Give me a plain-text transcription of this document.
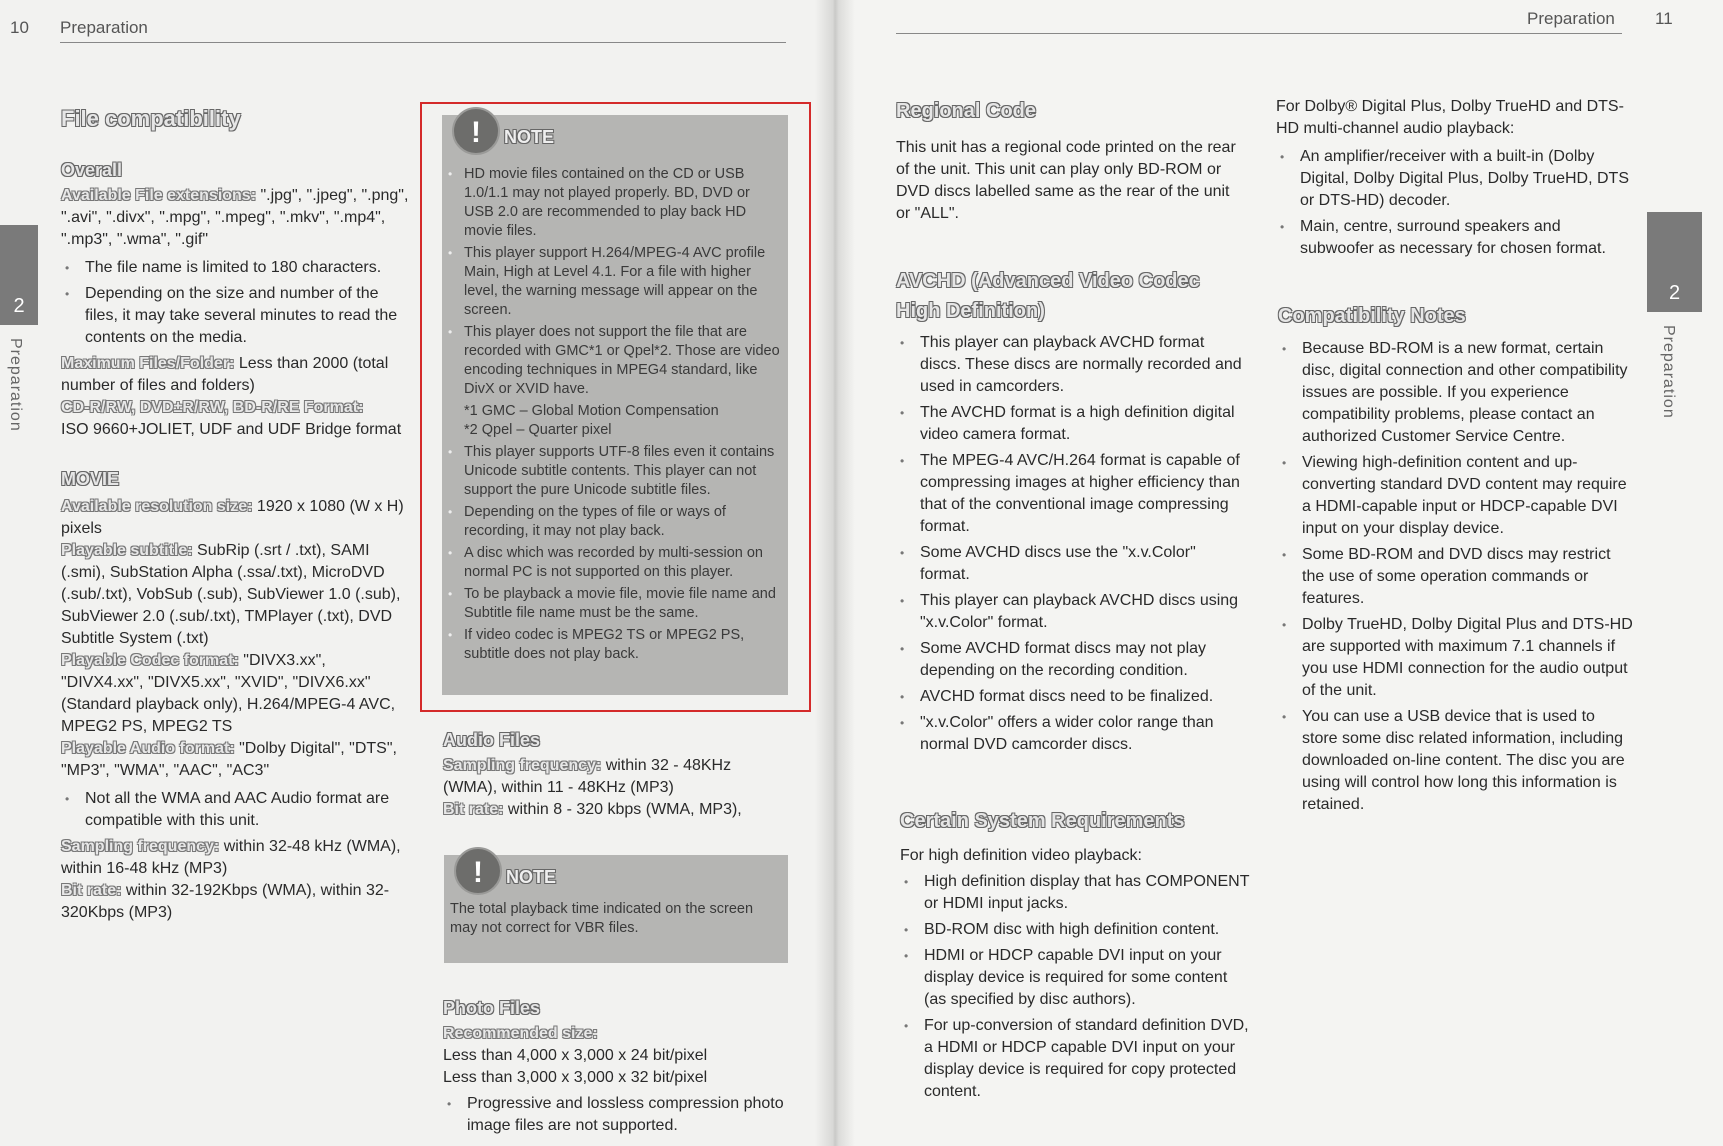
10 Preparation
2
Preparation
File compatibility
Overall
Available File extensions: ".jpg", ".jpeg", ".png", ".avi", ".divx", ".mpg", ".mpeg", ".mkv", ".mp4", ".mp3", ".wma", ".gif"
• The file name is limited to 180 characters.
• Depending on the size and number of the files, it may take several minutes to read the contents on the media.
Maximum Files/Folder: Less than 2000 (total number of files and folders)
CD-R/RW, DVD±R/RW, BD-R/RE Format:
ISO 9660+JOLIET, UDF and UDF Bridge format
MOVIE
Available resolution size: 1920 x 1080 (W x H) pixels
Playable subtitle: SubRip (.srt / .txt), SAMI (.smi), SubStation Alpha (.ssa/.txt), MicroDVD (.sub/.txt), VobSub (.sub), SubViewer 1.0 (.sub), SubViewer 2.0 (.sub/.txt), TMPlayer (.txt), DVD Subtitle System (.txt)
Playable Codec format: "DIVX3.xx", "DIVX4.xx", "DIVX5.xx", "XVID", "DIVX6.xx" (Standard playback only), H.264/MPEG-4 AVC, MPEG2 PS, MPEG2 TS
Playable Audio format: "Dolby Digital", "DTS", "MP3", "WMA", "AAC", "AC3"
• Not all the WMA and AAC Audio format are compatible with this unit.
Sampling frequency: within 32-48 kHz (WMA), within 16-48 kHz (MP3)
Bit rate: within 32-192Kbps (WMA), within 32-320Kbps (MP3)
!	NOTE
• HD movie files contained on the CD or USB 1.0/1.1 may not played properly. BD, DVD or USB 2.0 are recommended to play back HD movie files.
• This player support H.264/MPEG-4 AVC profile Main, High at Level 4.1. For a file with higher level, the warning message will appear on the screen.
• This player does not support the file that are recorded with GMC*1 or Qpel*2. Those are video encoding techniques in MPEG4 standard, like DivX or XVID have.
*1 GMC – Global Motion Compensation
*2 Qpel – Quarter pixel
• This player supports UTF-8 files even it contains Unicode subtitle contents. This player can not support the pure Unicode subtitle files.
• Depending on the types of file or ways of recording, it may not play back.
• A disc which was recorded by multi-session on normal PC is not supported on this player.
• To be playback a movie file, movie file name and Subtitle file name must be the same.
• If video codec is MPEG2 TS or MPEG2 PS, subtitle does not play back.
Audio Files
Sampling frequency: within 32 - 48KHz (WMA), within 11 - 48KHz (MP3)
Bit rate: within 8 - 320 kbps (WMA, MP3),
!	NOTE
The total playback time indicated on the screen may not correct for VBR files.
Photo Files
Recommended size:
Less than 4,000 x 3,000 x 24 bit/pixel
Less than 3,000 x 3,000 x 32 bit/pixel
• Progressive and lossless compression photo image files are not supported.
Preparation 11
2
Preparation
Regional Code
This unit has a regional code printed on the rear of the unit. This unit can play only BD-ROM or DVD discs labelled same as the rear of the unit or "ALL".
AVCHD (Advanced Video Codec High Definition)
• This player can playback AVCHD format discs. These discs are normally recorded and used in camcorders.
• The AVCHD format is a high definition digital video camera format.
• The MPEG-4 AVC/H.264 format is capable of compressing images at higher efficiency than that of the conventional image compressing format.
• Some AVCHD discs use the "x.v.Color" format.
• This player can playback AVCHD discs using "x.v.Color" format.
• Some AVCHD format discs may not play depending on the recording condition.
• AVCHD format discs need to be finalized.
• "x.v.Color" offers a wider color range than normal DVD camcorder discs.
Certain System Requirements
For high definition video playback:
• High definition display that has COMPONENT or HDMI input jacks.
• BD-ROM disc with high definition content.
• HDMI or HDCP capable DVI input on your display device is required for some content (as specified by disc authors).
• For up-conversion of standard definition DVD, a HDMI or HDCP capable DVI input on your display device is required for copy protected content.
For Dolby® Digital Plus, Dolby TrueHD and DTS-HD multi-channel audio playback:
• An amplifier/receiver with a built-in (Dolby Digital, Dolby Digital Plus, Dolby TrueHD, DTS or DTS-HD) decoder.
• Main, centre, surround speakers and subwoofer as necessary for chosen format.
Compatibility Notes
• Because BD-ROM is a new format, certain disc, digital connection and other compatibility issues are possible. If you experience compatibility problems, please contact an authorized Customer Service Centre.
• Viewing high-definition content and up-converting standard DVD content may require a HDMI-capable input or HDCP-capable DVI input on your display device.
• Some BD-ROM and DVD discs may restrict the use of some operation commands or features.
• Dolby TrueHD, Dolby Digital Plus and DTS-HD are supported with maximum 7.1 channels if you use HDMI connection for the audio output of the unit.
• You can use a USB device that is used to store some disc related information, including downloaded on-line content. The disc you are using will control how long this information is retained.
